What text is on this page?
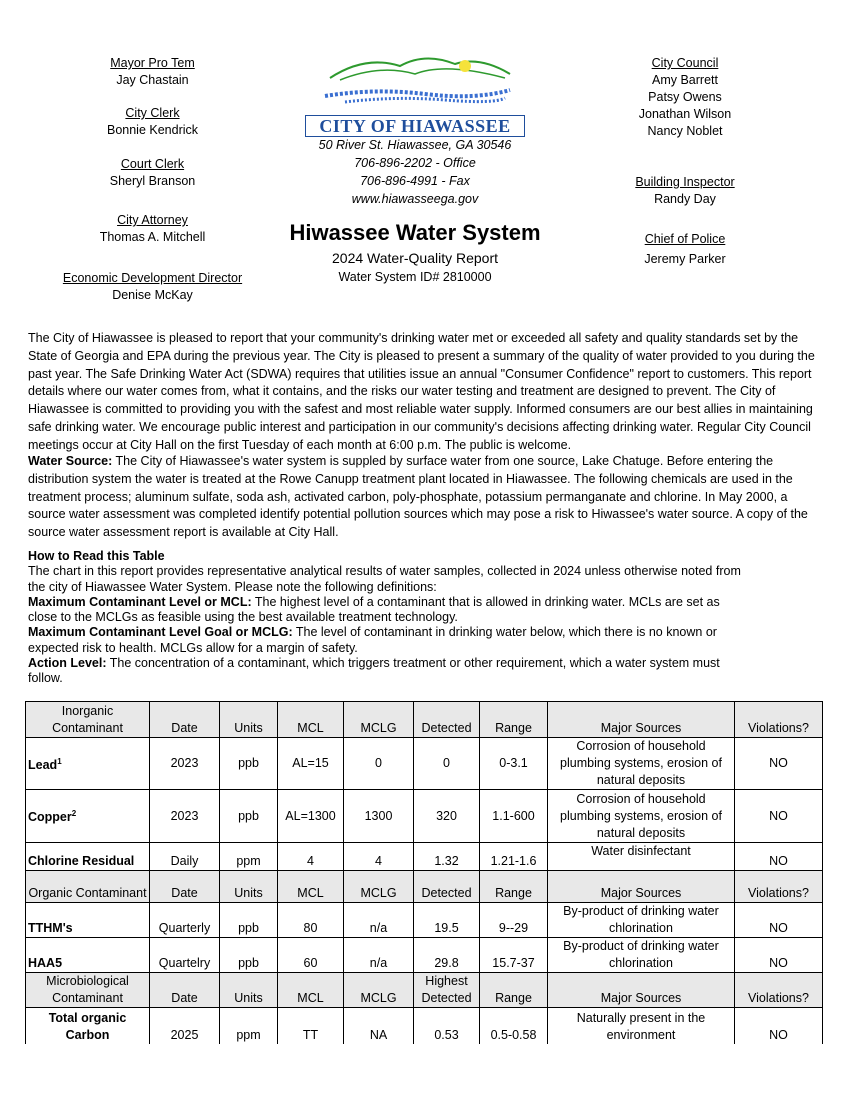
Mayor Pro Tem
Jay Chastain
City Clerk
Bonnie Kendrick
Court Clerk
Sheryl Branson
City Attorney
Thomas A. Mitchell
Economic Development Director
Denise McKay
City Council
Amy Barrett
Patsy Owens
Jonathan Wilson
Nancy Noblet
Building Inspector
Randy Day
Chief of Police
Jeremy Parker
CITY OF HIAWASSEE
50 River St. Hiawassee, GA 30546
706-896-2202 - Office
706-896-4991 - Fax
www.hiawasseega.gov
Hiwassee Water System
2024 Water-Quality Report
Water System ID# 2810000
The City of Hiawassee is pleased to report that your community's drinking water met or exceeded all safety and quality standards set by the State of Georgia and EPA during the previous year. The City is pleased to present a summary of the quality of water provided to you during the past year. The Safe Drinking Water Act (SDWA) requires that utilities issue an annual "Consumer Confidence" report to customers. This report details where our water comes from, what it contains, and the risks our water testing and treatment are designed to prevent. The City of Hiawassee is committed to providing you with the safest and most reliable water supply. Informed consumers are our best allies in maintaining safe drinking water. We encourage public interest and participation in our community's decisions affecting drinking water. Regular City Council meetings occur at City Hall on the first Tuesday of each month at 6:00 p.m. The public is welcome.
Water Source: The City of Hiawassee's water system is suppled by surface water from one source, Lake Chatuge. Before entering the distribution system the water is treated at the Rowe Canupp treatment plant located in Hiawassee. The following chemicals are used in the treatment process; aluminum sulfate, soda ash, activated carbon, poly-phosphate, potassium permanganate and chlorine. In May 2000, a source water assessment was completed identify potential pollution sources which may pose a risk to Hiwassee's water source. A copy of the source water assessment report is available at City Hall.
How to Read this Table
The chart in this report provides representative analytical results of water samples, collected in 2024 unless otherwise noted from the city of Hiawassee Water System. Please note the following definitions:
Maximum Contaminant Level or MCL: The highest level of a contaminant that is allowed in drinking water. MCLs are set as close to the MCLGs as feasible using the best available treatment technology.
Maximum Contaminant Level Goal or MCLG: The level of contaminant in drinking water below, which there is no known or expected risk to health. MCLGs allow for a margin of safety.
Action Level: The concentration of a contaminant, which triggers treatment or other requirement, which a water system must follow.
Inorganic Contaminant	Date	Units	MCL	MCLG	Detected	Range	Major Sources	Violations?
Lead$^1$	2023	ppb	AL=15	0	0	0-3.1	Corrosion of household plumbing systems, erosion of natural deposits	NO
Copper$^2$	2023	ppb	AL=1300	1300	320	1.1-600	Corrosion of household plumbing systems, erosion of natural deposits	NO
Chlorine Residual	Daily	ppm	4	4	1.32	1.21-1.6	Water disinfectant	NO
Organic Contaminant	Date	Units	MCL	MCLG	Detected	Range	Major Sources	Violations?
TTHM's	Quarterly	ppb	80	n/a	19.5	9--29	By-product of drinking water chlorination	NO
HAA5	Quartelry	ppb	60	n/a	29.8	15.7-37	By-product of drinking water chlorination	NO
Microbiological Contaminant	Date	Units	MCL	MCLG	Highest Detected	Range	Major Sources	Violations?
Total organic Carbon	2025	ppm	TT	NA	0.53	0.5-0.58	Naturally present in the environment	NO
